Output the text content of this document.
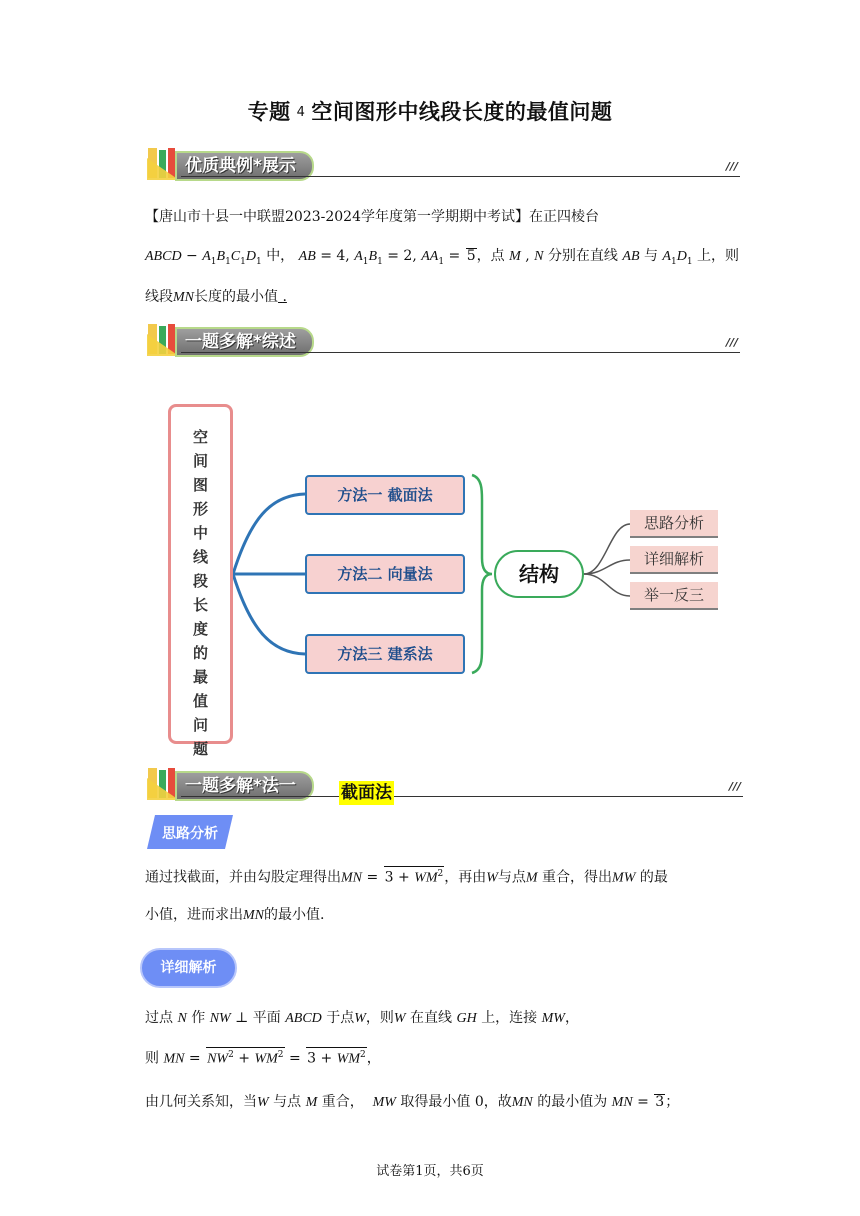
专题 4 空间图形中线段长度的最值问题
优质典例*展示	///
【唐山市十县一中联盟2023-2024学年度第一学期期中考试】在正四棱台
ABCD − $A_1B_1C_1D_1$ 中， AB = 4, $A_1B_1 = 2$, $AA_1 = 5$，点 M , N 分别在直线 AB 与 $A_1D_1$ 上，则
线段MN长度的最小值 .
一题多解*综述	///
空
间
图
形
中
线
段
长
度
的
最
值
问
题
方法一 截面法
方法二 向量法
方法三 建系法
结构
思路分析
详细解析
举一反三
一题多解*法一	///
截面法
思路分析
通过找截面，并由勾股定理得出MN = $3 + WM^2$，再由W与点M 重合，得出MW 的最
小值，进而求出MN的最小值.
详细解析
过点 N 作 NW ⊥ 平面 ABCD 于点W，则W 在直线 GH 上，连接 MW，
则 MN = $NW^2 + WM^2 = 3 + WM^2$，
由几何关系知，当W 与点 M 重合， MW 取得最小值 0，故MN 的最小值为 MN = 3；
试卷第1页，共6页
